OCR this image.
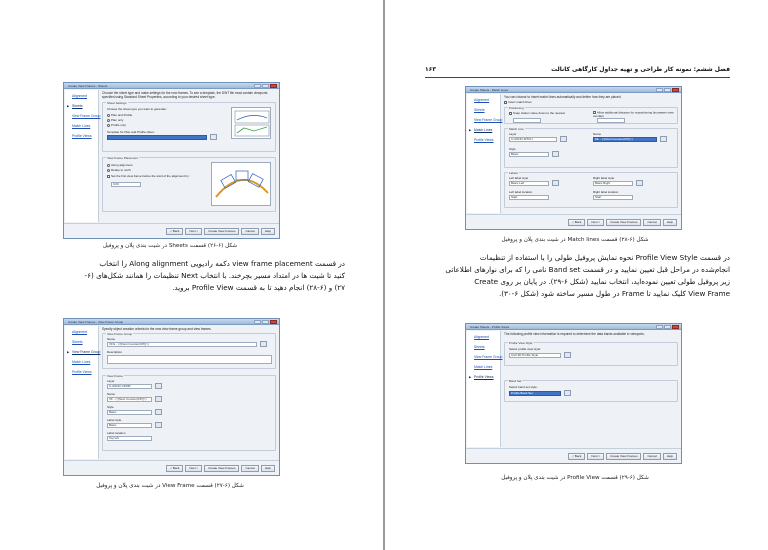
Create View Frames - Sheets
Alignment
▶ Sheets
View Frame Group
Match Lines
Profile Views
Choose the sheet type and make settings for the new frames. To see a template, the DWT file must contain viewports specified using Standard Sheet Properties, according to your desired sheet type.
Sheet Settings
Choose the sheet type you want to generate:
Plan and Profile
Plan only
Profile only
Template for Plan and Profile sheet:
View Frame Placement
Along alignment
Rotate to north
Set the first view frame before the start of the alignment by:
0.00
< Back	Next >	Create View Frames	Cancel	Help
شکل (۶-۲۶) قسمت Sheets در شیت بندی پلان و پروفیل
در قسمت view frame placement دکمه رادیویی Along alignment را انتخاب
کنید تا شیت ها در امتداد مسیر بچرخند. با انتخاب Next تنظیمات را همانند شکل‌های (۶-
۲۷) و (۶-۲۸) انجام دهید تا به قسمت Profile View بروید.
Create View Frames - View Frame Group
Alignment
Sheets
▶ View Frame Group
Match Lines
Profile Views
Specify object creation criteria for the new view frame group and view frames.
View Frame Group
Name
VFG - (<[Next Counter(CP)]>)
Description
View Frame
Layer
C-ANNO-VFRM
Name
VF - (<[Next Counter(CP)]>)
Style
Basic
Label style
Basic
Label location
Top left
< Back	Next >	Create View Frames	Cancel	Help
شکل (۶-۲۷) قسمت View Frame در شیت بندی پلان و پروفیل
فصل ششم: نمونه کار طراحی و تهیه جداول کارگاهی کانالت
۱۶۳
Create Sheets - Match Lines
Alignment
Sheets
View Frame Group
▶ Match Lines
Profile Views
You can choose to insert match lines automatically and define how they are placed.
Insert match lines
Positioning
Snap station value down to the nearest	Allow additional distance for repositioning (increases view overlap)
Match Line
Layer
C-ANNO-MTCH
Name
ML - (<[Next Counter(CP)]>)
Style
Basic
Labels
Left label style
Basic Left
Right label style
Basic Right
Left label location
Start
Right label location
Start
< Back	Next >	Create View Frames	Cancel	Help
شکل (۶-۲۸) قسمت Match lines در شیت بندی پلان و پروفیل
در قسمت Profile View Style نحوه نمایش پروفیل طولی را با استفاده از تنظیمات
انجام‌شده در مراحل قبل تعیین نمایید و در قسمت Band set نامی را که برای نوارهای اطلاعاتی
زیر پروفیل طولی تعیین نموده‌اید، انتخاب نمایید (شکل ۶-۲۹). در پایان بر روی Create
View Frame کلیک نمایید تا Frame در طول مسیر ساخته شود (شکل ۶-۳۰).
Create Sheets - Profile Views
Alignment
Sheets
View Frame Group
Match Lines
▶ Profile Views
The following profile view information is required to determine the data bands available in viewports.
Profile View Style
Select profile view style:
Civil 3D Profile Style
Band Set
Select band set style:
Profile Band Set
< Back	Next >	Create View Frames	Cancel	Help
شکل (۶-۲۹) قسمت Profile View در شیت بندی پلان و پروفیل
